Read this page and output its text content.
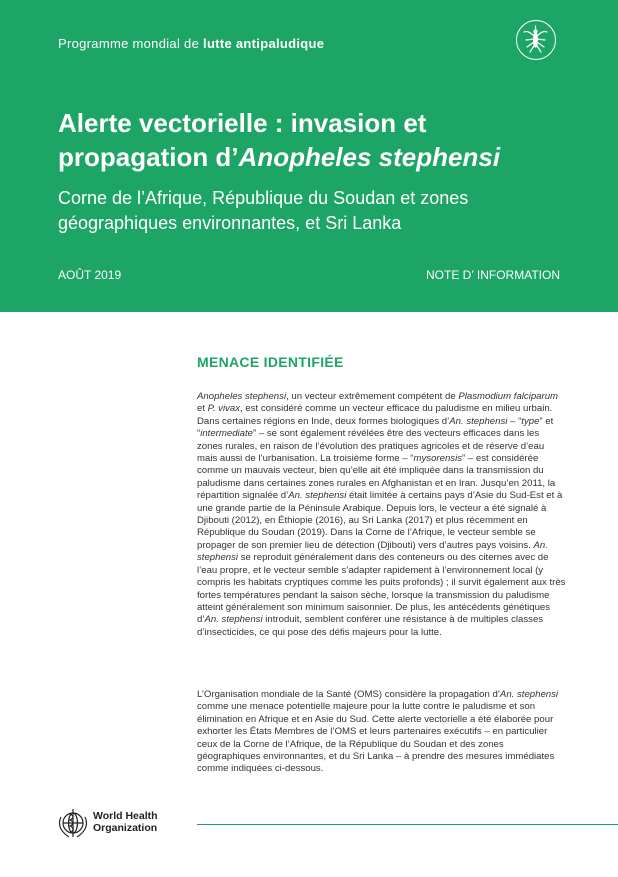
Programme mondial de lutte antipaludique
Alerte vectorielle : invasion et
propagation d’Anopheles stephensi
Corne de l’Afrique, République du Soudan et zones géographiques environnantes, et Sri Lanka
AOÛT 2019	NOTE D’ INFORMATION
MENACE IDENTIFIÉE
Anopheles stephensi, un vecteur extrêmement compétent de Plasmodium falciparum et P. vivax, est considéré comme un vecteur efficace du paludisme en milieu urbain. Dans certaines régions en Inde, deux formes biologiques d’An. stephensi – “type” et “intermediate” – se sont également révélées être des vecteurs efficaces dans les zones rurales, en raison de l’évolution des pratiques agricoles et de réserve d’eau mais aussi de l’urbanisation. La troisième forme – “mysorensis” – est considérée comme un mauvais vecteur, bien qu’elle ait été impliquée dans la transmission du paludisme dans certaines zones rurales en Afghanistan et en Iran. Jusqu’en 2011, la répartition signalée d’An. stephensi était limitée à certains pays d’Asie du Sud-Est et à une grande partie de la Péninsule Arabique. Depuis lors, le vecteur a été signalé à Djibouti (2012), en Éthiopie (2016), au Sri Lanka (2017) et plus récemment en République du Soudan (2019). Dans la Corne de l’Afrique, le vecteur semble se propager de son premier lieu de détection (Djibouti) vers d’autres pays voisins. An. stephensi se reproduit généralement dans des conteneurs ou des citernes avec de l’eau propre, et le vecteur semble s’adapter rapidement à l’environnement local (y compris les habitats cryptiques comme les puits profonds) ; il survit également aux très fortes températures pendant la saison sèche, lorsque la transmission du paludisme atteint généralement son minimum saisonnier. De plus, les antécédents génétiques d’An. stephensi introduit, semblent conférer une résistance à de multiples classes d’insecticides, ce qui pose des défis majeurs pour la lutte.
L’Organisation mondiale de la Santé (OMS) considère la propagation d’An. stephensi comme une menace potentielle majeure pour la lutte contre le paludisme et son élimination en Afrique et en Asie du Sud. Cette alerte vectorielle a été élaborée pour exhorter les États Membres de l’OMS et leurs partenaires exécutifs – en particulier ceux de la Corne de l’Afrique, de la République du Soudan et des zones géographiques environnantes, et du Sri Lanka – à prendre des mesures immédiates comme indiquées ci-dessous.
World Health
Organization
